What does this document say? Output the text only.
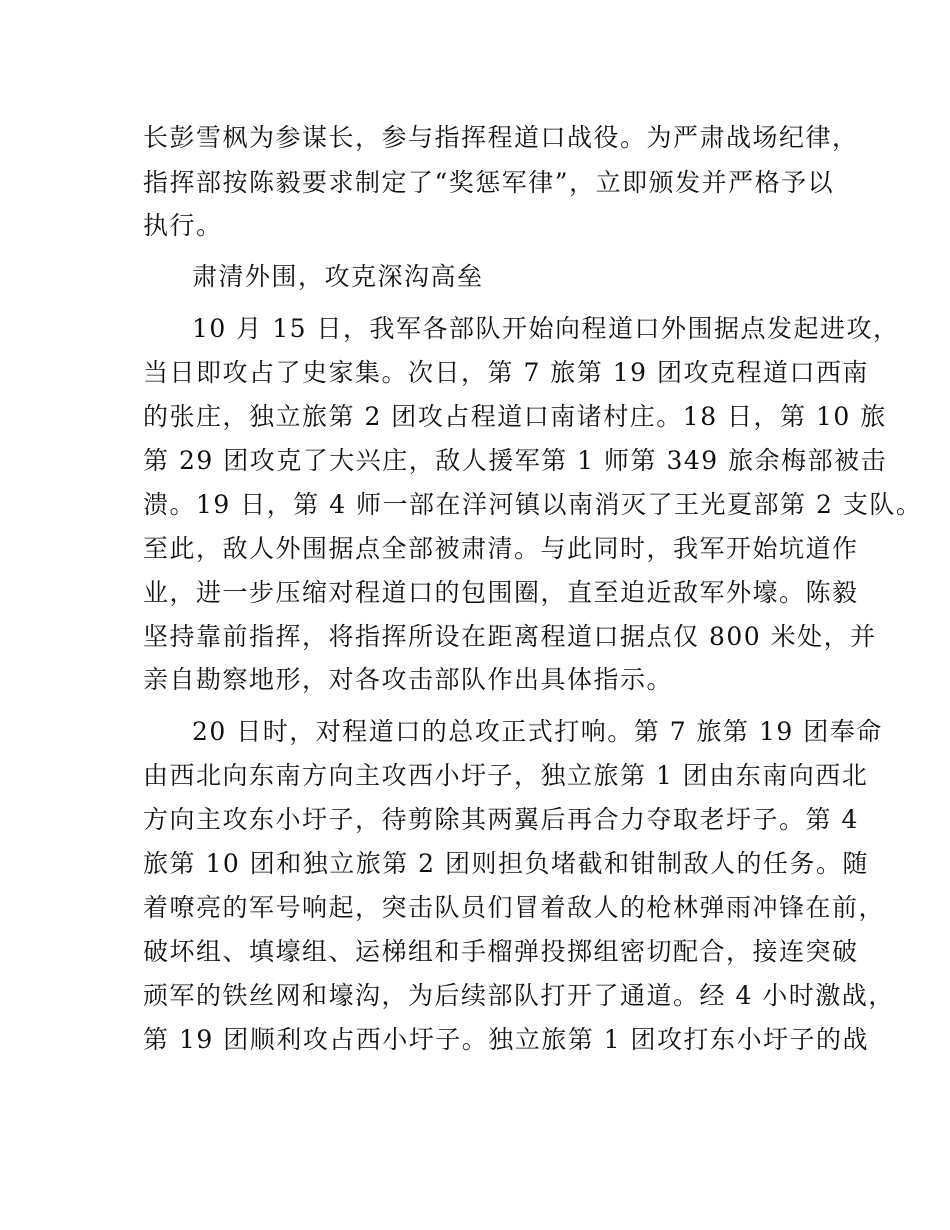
长彭雪枫为参谋长，参与指挥程道口战役。为严肃战场纪律，
指挥部按陈毅要求制定了“奖惩军律”，立即颁发并严格予以
执行。
肃清外围，攻克深沟高垒
10 月 15 日，我军各部队开始向程道口外围据点发起进攻，
当日即攻占了史家集。次日，第 7 旅第 19 团攻克程道口西南
的张庄，独立旅第 2 团攻占程道口南诸村庄。18 日，第 10 旅
第 29 团攻克了大兴庄，敌人援军第 1 师第 349 旅余梅部被击
溃。19 日，第 4 师一部在洋河镇以南消灭了王光夏部第 2 支队。
至此，敌人外围据点全部被肃清。与此同时，我军开始坑道作
业，进一步压缩对程道口的包围圈，直至迫近敌军外壕。陈毅
坚持靠前指挥，将指挥所设在距离程道口据点仅 800 米处，并
亲自勘察地形，对各攻击部队作出具体指示。
20 日时，对程道口的总攻正式打响。第 7 旅第 19 团奉命
由西北向东南方向主攻西小圩子，独立旅第 1 团由东南向西北
方向主攻东小圩子，待剪除其两翼后再合力夺取老圩子。第 4
旅第 10 团和独立旅第 2 团则担负堵截和钳制敌人的任务。随
着嘹亮的军号响起，突击队员们冒着敌人的枪林弹雨冲锋在前，
破坏组、填壕组、运梯组和手榴弹投掷组密切配合，接连突破
顽军的铁丝网和壕沟，为后续部队打开了通道。经 4 小时激战，
第 19 团顺利攻占西小圩子。独立旅第 1 团攻打东小圩子的战
